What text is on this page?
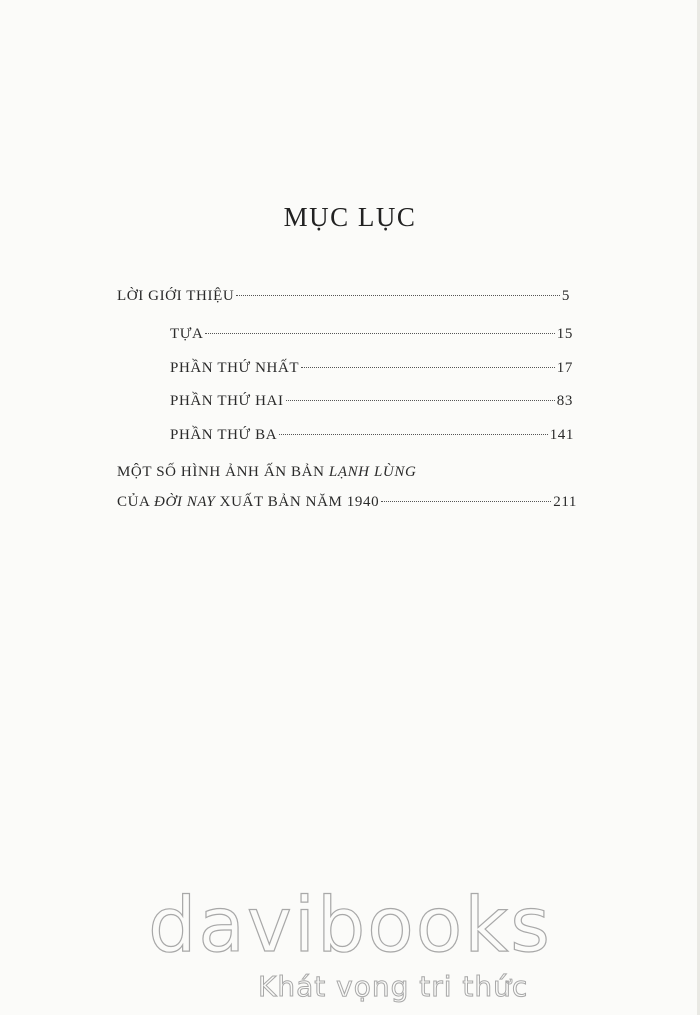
MỤC LỤC
LỜI GIỚI THIỆU	5
TỰA	15
PHẦN THỨ NHẤT	17
PHẦN THỨ HAI	83
PHẦN THỨ BA	141
MỘT SỐ HÌNH ẢNH ẤN BẢN LẠNH LÙNG
CỦA ĐỜI NAY XUẤT BẢN NĂM 1940	211
davibooks
Khát vọng tri thức
